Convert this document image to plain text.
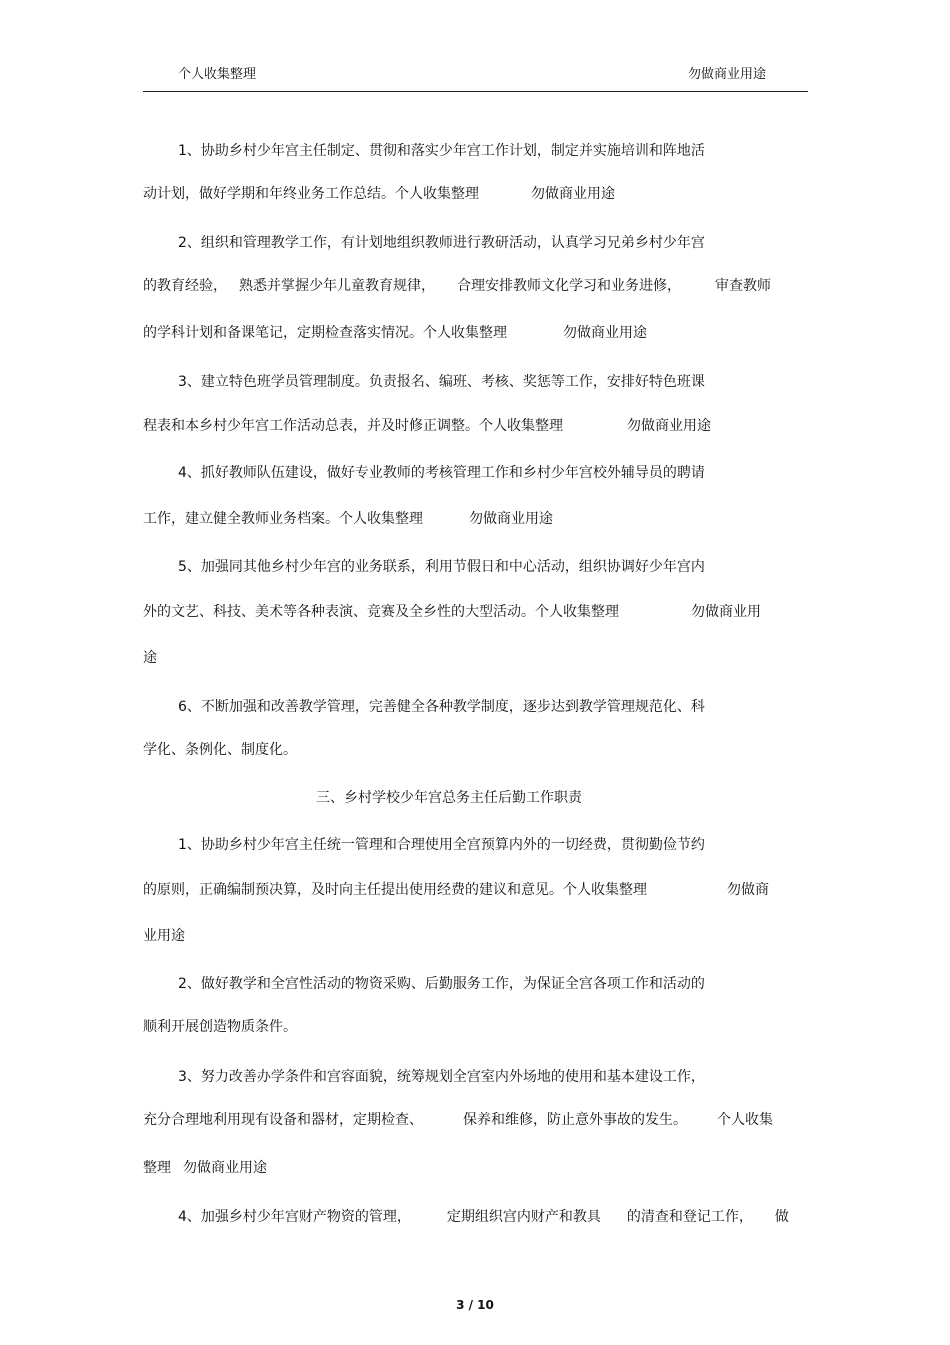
个人收集整理	勿做商业用途
1、协助乡村少年宫主任制定、贯彻和落实少年宫工作计划，制定并实施培训和阵地活
动计划，做好学期和年终业务工作总结。个人收集整理	勿做商业用途
2、组织和管理教学工作，有计划地组织教师进行教研活动，认真学习兄弟乡村少年宫
的教育经验， 熟悉并掌握少年儿童教育规律， 合理安排教师文化学习和业务进修， 审查教师
的学科计划和备课笔记，定期检查落实情况。个人收集整理	勿做商业用途
3、建立特色班学员管理制度。负责报名、编班、考核、奖惩等工作，安排好特色班课
程表和本乡村少年宫工作活动总表，并及时修正调整。个人收集整理	勿做商业用途
4、抓好教师队伍建设，做好专业教师的考核管理工作和乡村少年宫校外辅导员的聘请
工作，建立健全教师业务档案。个人收集整理	勿做商业用途
5、加强同其他乡村少年宫的业务联系，利用节假日和中心活动，组织协调好少年宫内
外的文艺、科技、美术等各种表演、竞赛及全乡性的大型活动。个人收集整理	勿做商业用
途
6、不断加强和改善教学管理，完善健全各种教学制度，逐步达到教学管理规范化、科
学化、条例化、制度化。
三、乡村学校少年宫总务主任后勤工作职责
1、协助乡村少年宫主任统一管理和合理使用全宫预算内外的一切经费，贯彻勤俭节约
的原则，正确编制预决算，及时向主任提出使用经费的建议和意见。个人收集整理	勿做商
业用途
2、做好教学和全宫性活动的物资采购、后勤服务工作，为保证全宫各项工作和活动的
顺利开展创造物质条件。
3、努力改善办学条件和宫容面貌，统筹规划全宫室内外场地的使用和基本建设工作，
充分合理地利用现有设备和器材，定期检查、	保养和维修，防止意外事故的发生。 个人收集
整理 勿做商业用途
4、加强乡村少年宫财产物资的管理，	定期组织宫内财产和教具 的清查和登记工作， 做
3 / 10
